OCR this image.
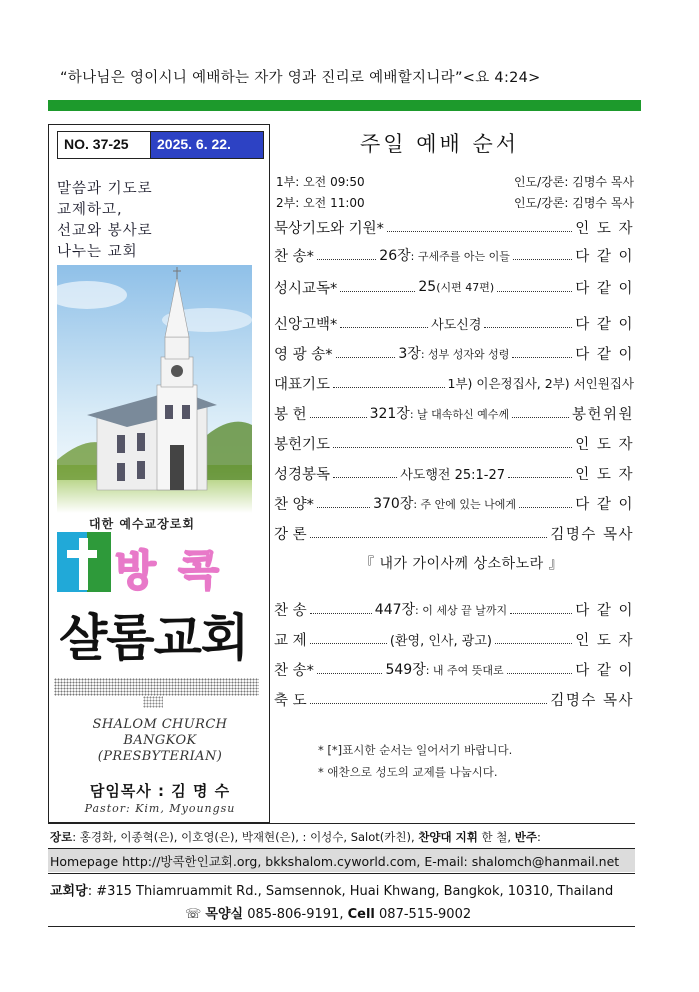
“하나님은 영이시니 예배하는 자가 영과 진리로 예배할지니라”<요 4:24>
NO. 37-25	2025. 6. 22.
말씀과 기도로
교제하고,
선교와 봉사로
나누는 교회
대한 예수교장로회
방 콕
샬롬교회
SHALOM CHURCH
BANGKOK
(PRESBYTERIAN)
담임목사 : 김 명 수
Pastor: Kim, Myoungsu
주일 예배 순서
1부: 오전 09:50	인도/강론: 김명수 목사
2부: 오전 11:00	인도/강론: 김명수 목사
묵상기도와 기원*	인 도 자
찬 송*	26장: 구세주를 아는 이들	다 같 이
성시교독*	25(시편 47편)	다 같 이
신앙고백*	사도신경	다 같 이
영 광 송*	3장: 성부 성자와 성령	다 같 이
대표기도	1부) 이은정집사, 2부) 서인원집사
봉 헌	321장: 날 대속하신 예수께	봉헌위원
봉헌기도	인 도 자
성경봉독	사도행전 25:1-27	인 도 자
찬 양*	370장: 주 안에 있는 나에게	다 같 이
강 론	김명수 목사
찬 송	447장: 이 세상 끝 날까지	다 같 이
교 제	(환영, 인사, 광고)	인 도 자
찬 송*	549장: 내 주여 뜻대로	다 같 이
축 도	김명수 목사
『 내가 가이사께 상소하노라 』
* [*]표시한 순서는 일어서기 바랍니다.
* 애찬으로 성도의 교제를 나눕시다.
장로: 홍경화, 이종혁(은), 이호영(은), 박재현(은), : 이성수, Salot(카친), 찬양대 지휘 한 철, 반주:
Homepage http://방콕한인교회.org, bkkshalom.cyworld.com, E-mail: shalomch@hanmail.net
교회당: #315 Thiamruammit Rd., Samsennok, Huai Khwang, Bangkok, 10310, Thailand
☏ 목양실 085-806-9191, Cell 087-515-9002
